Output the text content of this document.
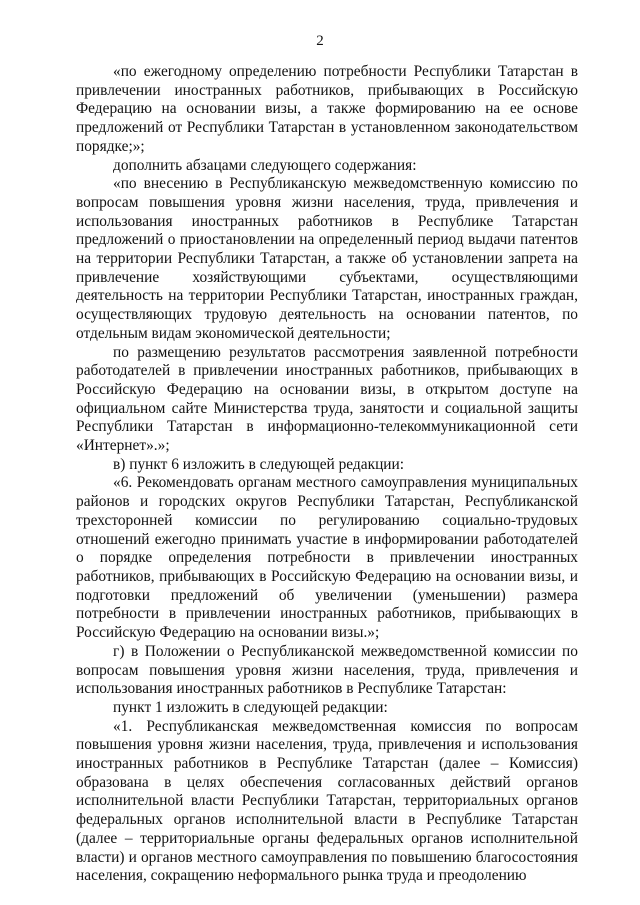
2

«по ежегодному определению потребности Республики Татарстан в привлечении иностранных работников, прибывающих в Российскую Федерацию на основании визы, а также формированию на ее основе предложений от Республики Татарстан в установленном законодательством порядке;»;

дополнить абзацами следующего содержания:

«по внесению в Республиканскую межведомственную комиссию по вопросам повышения уровня жизни населения, труда, привлечения и использования иностранных работников в Республике Татарстан предложений о приостановлении на определенный период выдачи патентов на территории Республики Татарстан, а также об установлении запрета на привлечение хозяйствующими субъектами, осуществляющими деятельность на территории Республики Татарстан, иностранных граждан, осуществляющих трудовую деятельность на основании патентов, по отдельным видам экономической деятельности;

по размещению результатов рассмотрения заявленной потребности работодателей в привлечении иностранных работников, прибывающих в Российскую Федерацию на основании визы, в открытом доступе на официальном сайте Министерства труда, занятости и социальной защиты Республики Татарстан в информационно-телекоммуникационной сети «Интернет».»;

в) пункт 6 изложить в следующей редакции:

«6. Рекомендовать органам местного самоуправления муниципальных районов и городских округов Республики Татарстан, Республиканской трехсторонней комиссии по регулированию социально-трудовых отношений ежегодно принимать участие в информировании работодателей о порядке определения потребности в привлечении иностранных работников, прибывающих в Российскую Федерацию на основании визы, и подготовки предложений об увеличении (уменьшении) размера потребности в привлечении иностранных работников, прибывающих в Российскую Федерацию на основании визы.»;

г) в Положении о Республиканской межведомственной комиссии по вопросам повышения уровня жизни населения, труда, привлечения и использования иностранных работников в Республике Татарстан:

пункт 1 изложить в следующей редакции:

«1. Республиканская межведомственная комиссия по вопросам повышения уровня жизни населения, труда, привлечения и использования иностранных работников в Республике Татарстан (далее – Комиссия) образована в целях обеспечения согласованных действий органов исполнительной власти Республики Татарстан, территориальных органов федеральных органов исполнительной власти в Республике Татарстан (далее – территориальные органы федеральных органов исполнительной власти) и органов местного самоуправления по повышению благосостояния населения, сокращению неформального рынка труда и преодолению
